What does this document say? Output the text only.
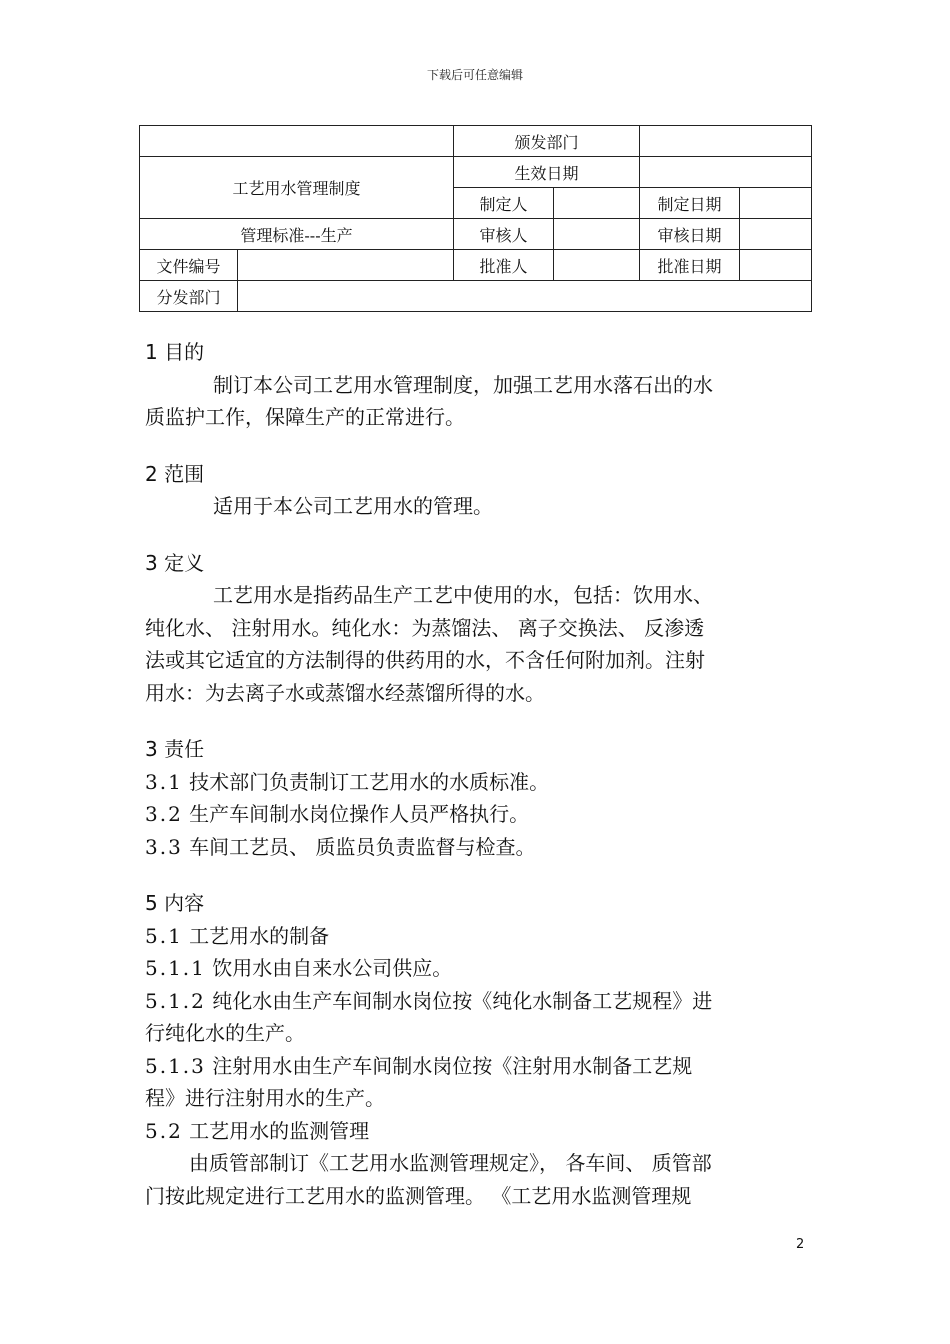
下载后可任意编辑
		颁发部门			
工艺用水管理制度		生效日期			
		制定人		制定日期	
管理标准---生产		审核人		审核日期	
文件编号		批准人		批准日期	
分发部门					

1 目的

制订本公司工艺用水管理制度，加强工艺用水落石出的水

质监护工作，保障生产的正常进行。

2 范围

适用于本公司工艺用水的管理。

3 定义

工艺用水是指药品生产工艺中使用的水，包括：饮用水、

纯化水、 注射用水。纯化水：为蒸馏法、 离子交换法、 反渗透

法或其它适宜的方法制得的供药用的水，不含任何附加剂。注射

用水：为去离子水或蒸馏水经蒸馏所得的水。

3 责任

3.1 技术部门负责制订工艺用水的水质标准。

3.2 生产车间制水岗位操作人员严格执行。

3.3 车间工艺员、 质监员负责监督与检查。

5 内容

5.1 工艺用水的制备

5.1.1 饮用水由自来水公司供应。

5.1.2 纯化水由生产车间制水岗位按《纯化水制备工艺规程》进

行纯化水的生产。

5.1.3 注射用水由生产车间制水岗位按《注射用水制备工艺规

程》进行注射用水的生产。

5.2 工艺用水的监测管理

由质管部制订《工艺用水监测管理规定》， 各车间、 质管部

门按此规定进行工艺用水的监测管理。 《工艺用水监测管理规

2
